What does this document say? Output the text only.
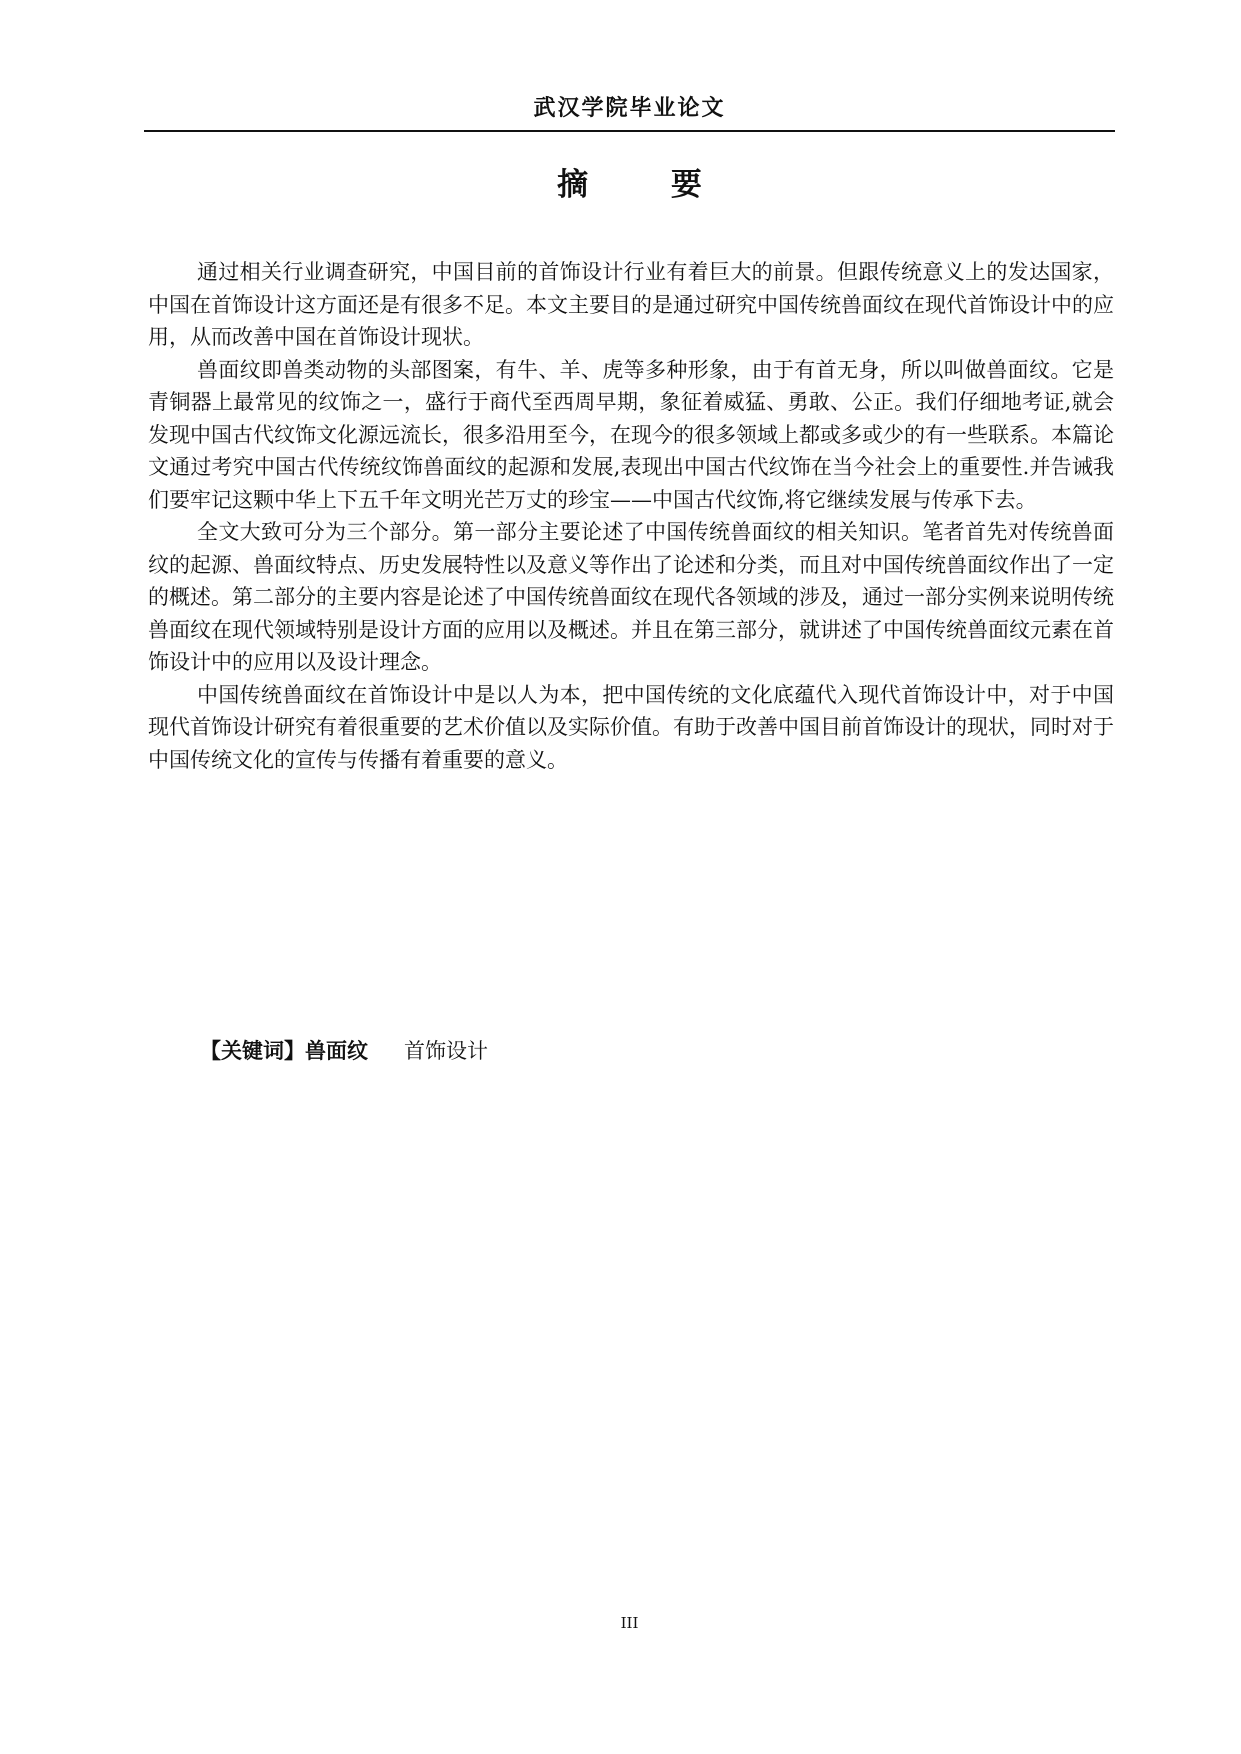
武汉学院毕业论文
摘 要

通过相关行业调查研究，中国目前的首饰设计行业有着巨大的前景。但跟传统意义上的发达国家，中国在首饰设计这方面还是有很多不足。本文主要目的是通过研究中国传统兽面纹在现代首饰设计中的应用，从而改善中国在首饰设计现状。

兽面纹即兽类动物的头部图案，有牛、羊、虎等多种形象，由于有首无身，所以叫做兽面纹。它是青铜器上最常见的纹饰之一，盛行于商代至西周早期，象征着威猛、勇敢、公正。我们仔细地考证,就会发现中国古代纹饰文化源远流长，很多沿用至今，在现今的很多领域上都或多或少的有一些联系。本篇论文通过考究中国古代传统纹饰兽面纹的起源和发展,表现出中国古代纹饰在当今社会上的重要性.并告诫我们要牢记这颗中华上下五千年文明光芒万丈的珍宝——中国古代纹饰,将它继续发展与传承下去。

全文大致可分为三个部分。第一部分主要论述了中国传统兽面纹的相关知识。笔者首先对传统兽面纹的起源、兽面纹特点、历史发展特性以及意义等作出了论述和分类，而且对中国传统兽面纹作出了一定的概述。第二部分的主要内容是论述了中国传统兽面纹在现代各领域的涉及，通过一部分实例来说明传统兽面纹在现代领域特别是设计方面的应用以及概述。并且在第三部分，就讲述了中国传统兽面纹元素在首饰设计中的应用以及设计理念。

中国传统兽面纹在首饰设计中是以人为本，把中国传统的文化底蕴代入现代首饰设计中，对于中国现代首饰设计研究有着很重要的艺术价值以及实际价值。有助于改善中国目前首饰设计的现状，同时对于中国传统文化的宣传与传播有着重要的意义。

【关键词】兽面纹 首饰设计
III
